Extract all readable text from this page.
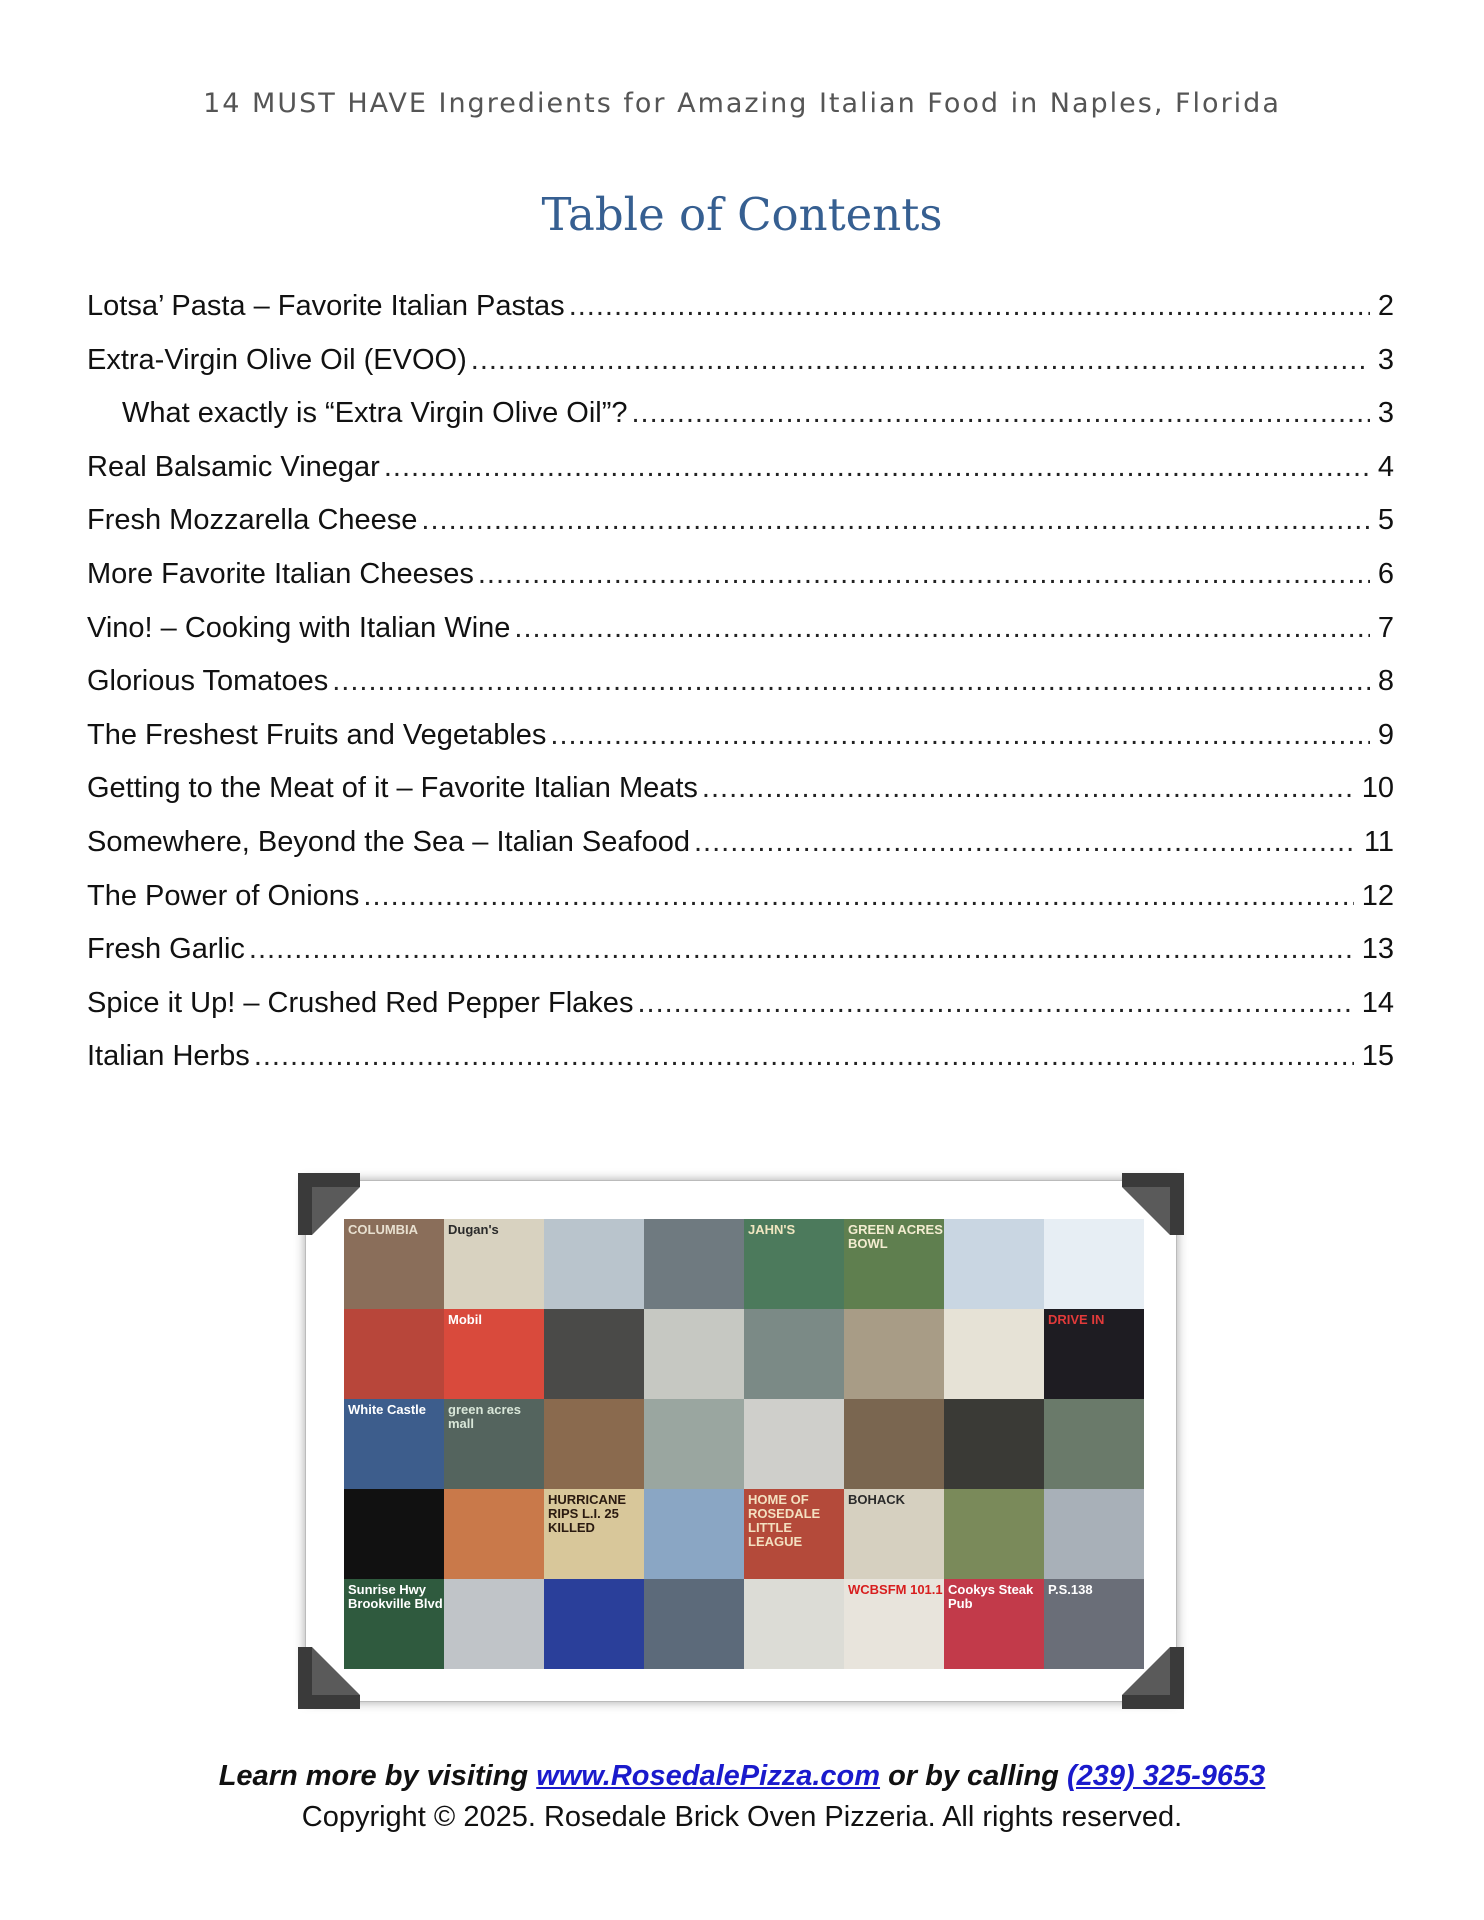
14 MUST HAVE Ingredients for Amazing Italian Food in Naples, Florida
Table of Contents
Lotsa’ Pasta – Favorite Italian Pastas .....	2
Extra-Virgin Olive Oil (EVOO) .....	3
What exactly is “Extra Virgin Olive Oil”? .....	3
Real Balsamic Vinegar .....	4
Fresh Mozzarella Cheese .....	5
More Favorite Italian Cheeses .....	6
Vino! – Cooking with Italian Wine .....	7
Glorious Tomatoes .....	8
The Freshest Fruits and Vegetables .....	9
Getting to the Meat of it – Favorite Italian Meats .....	10
Somewhere, Beyond the Sea – Italian Seafood .....	11
The Power of Onions .....	12
Fresh Garlic .....	13
Spice it Up! – Crushed Red Pepper Flakes .....	14
Italian Herbs .....	15
COLUMBIA Dugan's	JAHN'S	GREEN ACRES BOWL
Mobil	DRIVE IN
White Castle green acres mall
HURRICANE RIPS L.I. 25 KILLED
HOME OF ROSEDALE LITTLE LEAGUE
BOHACK
Sunrise Hwy Brookville Blvd
WCBSFM 101.1 Cookys Steak Pub
P.S.138
Learn more by visiting www.RosedalePizza.com or by calling (239) 325-9653
Copyright © 2025. Rosedale Brick Oven Pizzeria. All rights reserved.
